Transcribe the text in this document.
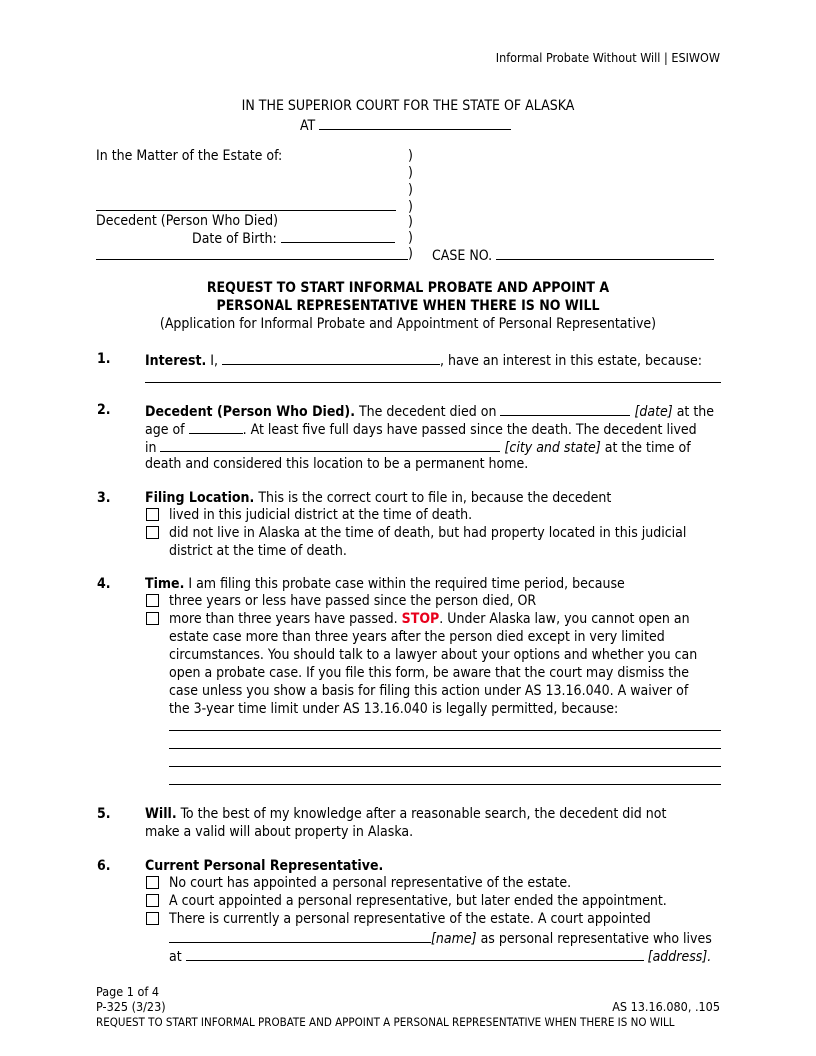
Informal Probate Without Will | ESIWOW
IN THE SUPERIOR COURT FOR THE STATE OF ALASKA
AT
In the Matter of the Estate of:	)
)
)
)
)
)
)
Decedent (Person Who Died)
Date of Birth:
CASE NO.
REQUEST TO START INFORMAL PROBATE AND APPOINT A
PERSONAL REPRESENTATIVE WHEN THERE IS NO WILL
(Application for Informal Probate and Appointment of Personal Representative)
1. Interest. I,	, have an interest in this estate, because:
2. Decedent (Person Who Died). The decedent died on	[date] at the
age of	. At least five full days have passed since the death. The decedent lived
in	[city and state] at the time of
death and considered this location to be a permanent home.
3. Filing Location. This is the correct court to file in, because the decedent
lived in this judicial district at the time of death.
did not live in Alaska at the time of death, but had property located in this judicial
district at the time of death.
4. Time. I am filing this probate case within the required time period, because
three years or less have passed since the person died, OR
more than three years have passed. STOP. Under Alaska law, you cannot open an
estate case more than three years after the person died except in very limited
circumstances. You should talk to a lawyer about your options and whether you can
open a probate case. If you file this form, be aware that the court may dismiss the
case unless you show a basis for filing this action under AS 13.16.040. A waiver of
the 3-year time limit under AS 13.16.040 is legally permitted, because:
5. Will. To the best of my knowledge after a reasonable search, the decedent did not
make a valid will about property in Alaska.
6. Current Personal Representative.
No court has appointed a personal representative of the estate.
A court appointed a personal representative, but later ended the appointment.
There is currently a personal representative of the estate. A court appointed
[name] as personal representative who lives
at	[address].
Page 1 of 4
P-325 (3/23)	AS 13.16.080, .105
REQUEST TO START INFORMAL PROBATE AND APPOINT A PERSONAL REPRESENTATIVE WHEN THERE IS NO WILL
